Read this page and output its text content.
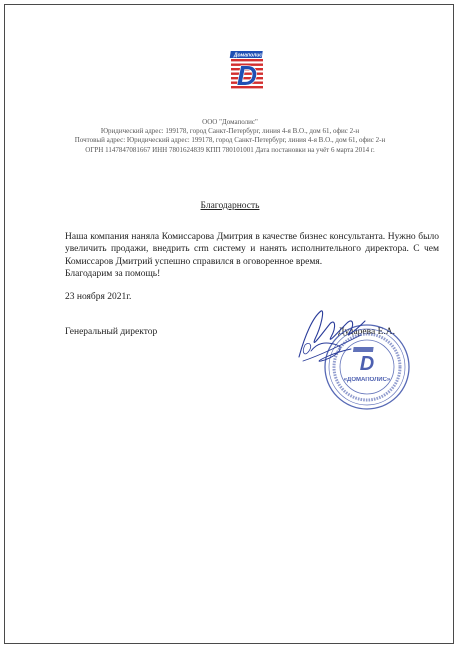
Домаполис
D
ООО "Домаполис"
Юридический адрес: 199178, город Санкт-Петербург, линия 4-я В.О., дом 61, офис 2-н
Почтовый адрес: Юридический адрес: 199178, город Санкт-Петербург, линия 4-я В.О., дом 61, офис 2-н
ОГРН 1147847081667 ИНН 7801624839 КПП 780101001 Дата постановки на учёт 6 марта 2014 г.
Благодарность

Наша компания наняла Комиссарова Дмитрия в качестве бизнес консультанта. Нужно было увеличить продажи, внедрить crm систему и нанять исполнительного директора. С чем Комиссаров Дмитрий успешно справился в оговоренное время.

Благодарим за помощь!

23 ноября 2021г.
Генеральный директор	Дударева Е.А.
D
«ДОМАПОЛИС»
